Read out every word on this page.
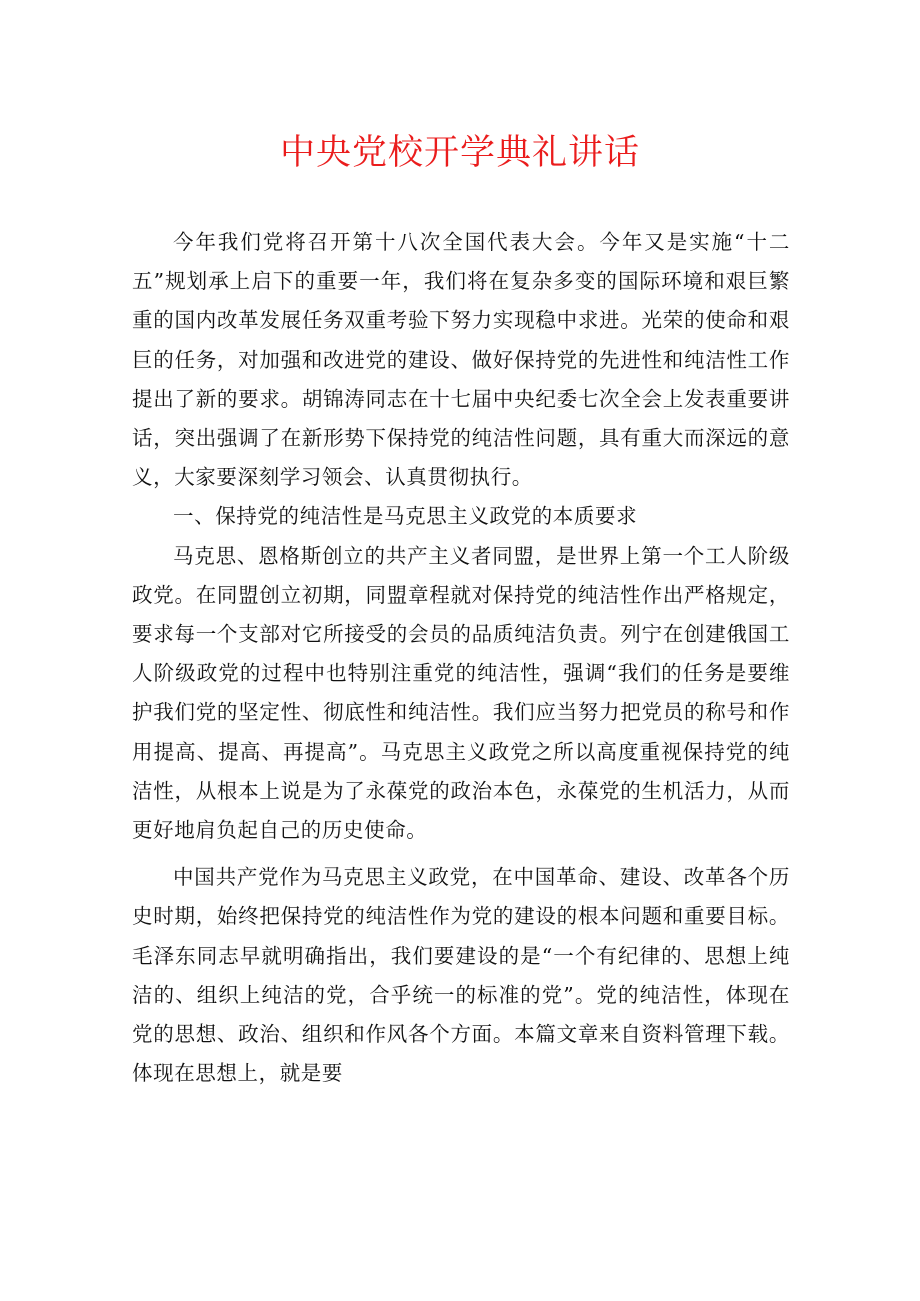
中央党校开学典礼讲话

今年我们党将召开第十八次全国代表大会。今年又是实施“十二五”规划承上启下的重要一年，我们将在复杂多变的国际环境和艰巨繁重的国内改革发展任务双重考验下努力实现稳中求进。光荣的使命和艰巨的任务，对加强和改进党的建设、做好保持党的先进性和纯洁性工作提出了新的要求。胡锦涛同志在十七届中央纪委七次全会上发表重要讲话，突出强调了在新形势下保持党的纯洁性问题，具有重大而深远的意义，大家要深刻学习领会、认真贯彻执行。

一、保持党的纯洁性是马克思主义政党的本质要求

马克思、恩格斯创立的共产主义者同盟，是世界上第一个工人阶级政党。在同盟创立初期，同盟章程就对保持党的纯洁性作出严格规定，要求每一个支部对它所接受的会员的品质纯洁负责。列宁在创建俄国工人阶级政党的过程中也特别注重党的纯洁性，强调“我们的任务是要维护我们党的坚定性、彻底性和纯洁性。我们应当努力把党员的称号和作用提高、提高、再提高”。马克思主义政党之所以高度重视保持党的纯洁性，从根本上说是为了永葆党的政治本色，永葆党的生机活力，从而更好地肩负起自己的历史使命。

中国共产党作为马克思主义政党，在中国革命、建设、改革各个历史时期，始终把保持党的纯洁性作为党的建设的根本问题和重要目标。毛泽东同志早就明确指出，我们要建设的是“一个有纪律的、思想上纯洁的、组织上纯洁的党，合乎统一的标准的党”。党的纯洁性，体现在党的思想、政治、组织和作风各个方面。本篇文章来自资料管理下载。体现在思想上，就是要
